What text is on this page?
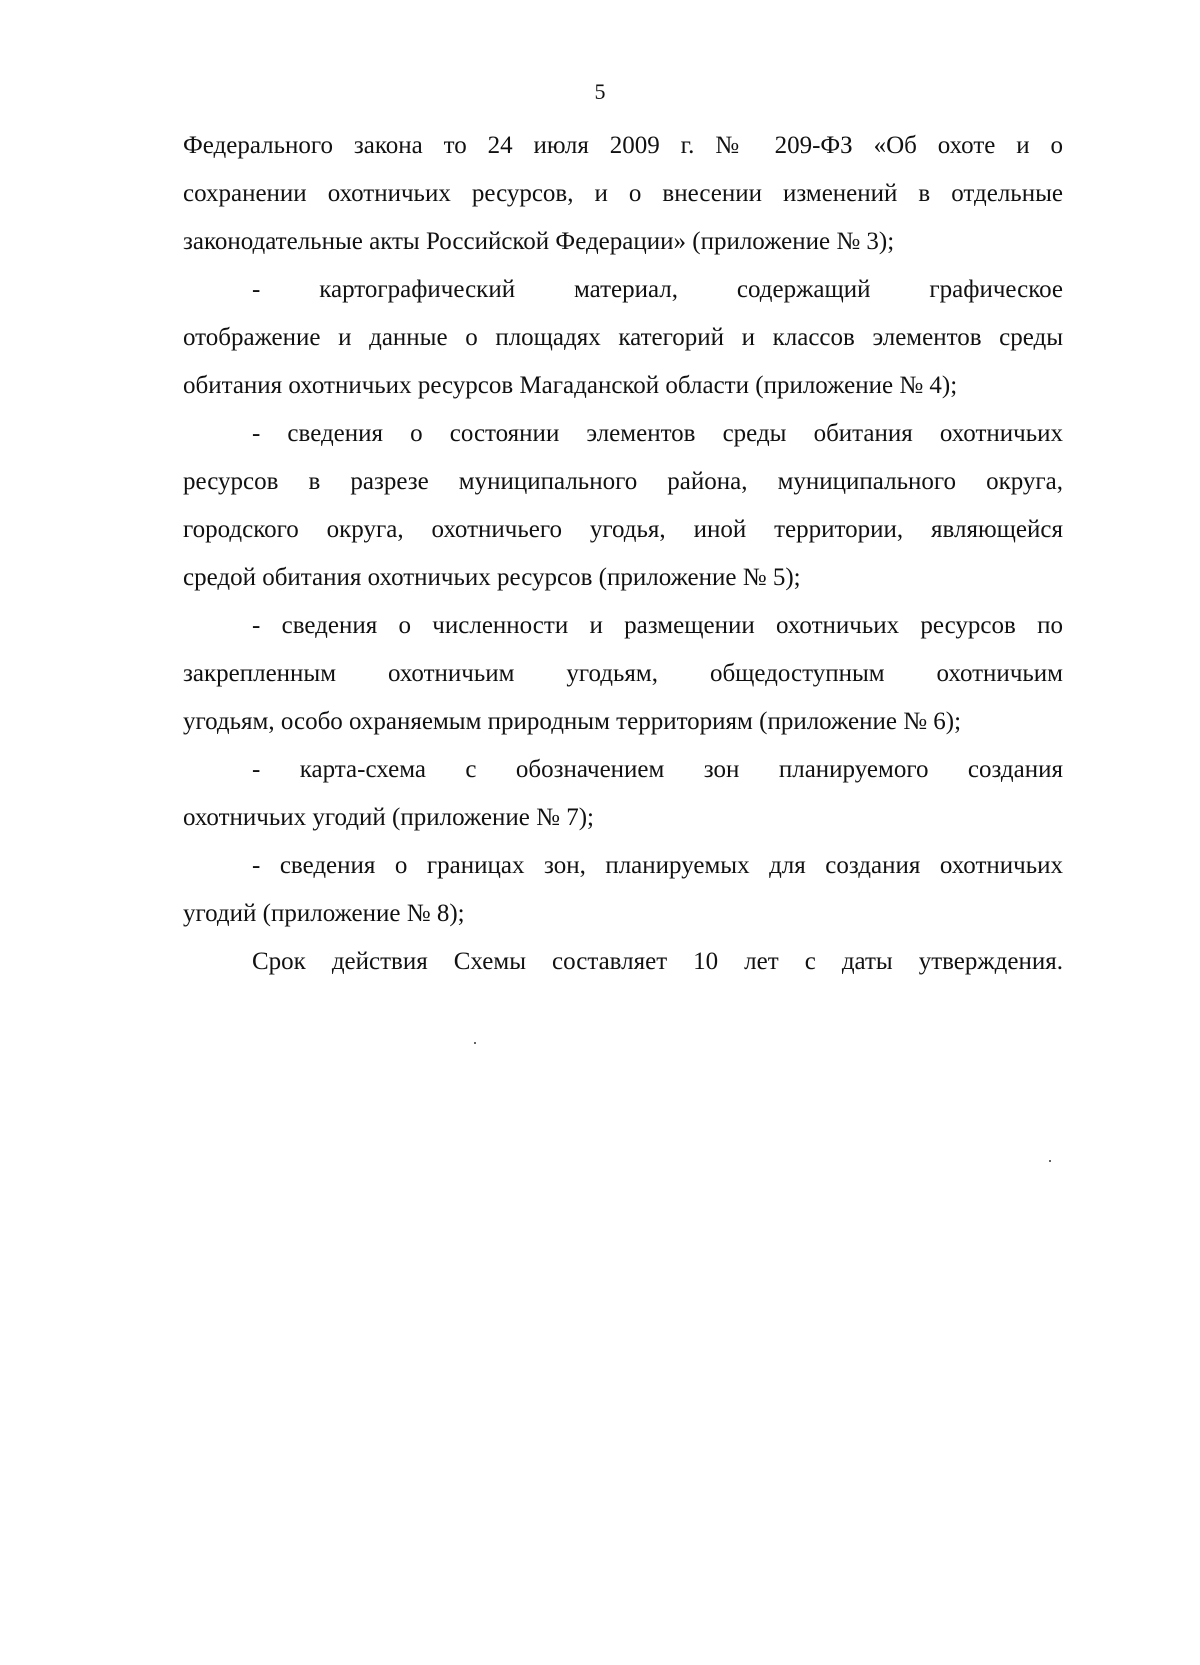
5

Федерального закона то 24 июля 2009 г. № 209-ФЗ «Об охоте и о
сохранении охотничьих ресурсов, и о внесении изменений в отдельные
законодательные акты Российской Федерации» (приложение № 3);

- картографический материал, содержащий графическое
отображение и данные о площадях категорий и классов элементов среды
обитания охотничьих ресурсов Магаданской области (приложение № 4);

- сведения о состоянии элементов среды обитания охотничьих
ресурсов в разрезе муниципального района, муниципального округа,
городского округа, охотничьего угодья, иной территории, являющейся
средой обитания охотничьих ресурсов (приложение № 5);

- сведения о численности и размещении охотничьих ресурсов по
закрепленным охотничьим угодьям, общедоступным охотничьим
угодьям, особо охраняемым природным территориям (приложение № 6);

- карта-схема с обозначением зон планируемого создания
охотничьих угодий (приложение № 7);

- сведения о границах зон, планируемых для создания охотничьих
угодий (приложение № 8);

Срок действия Схемы составляет 10 лет с даты утверждения.
